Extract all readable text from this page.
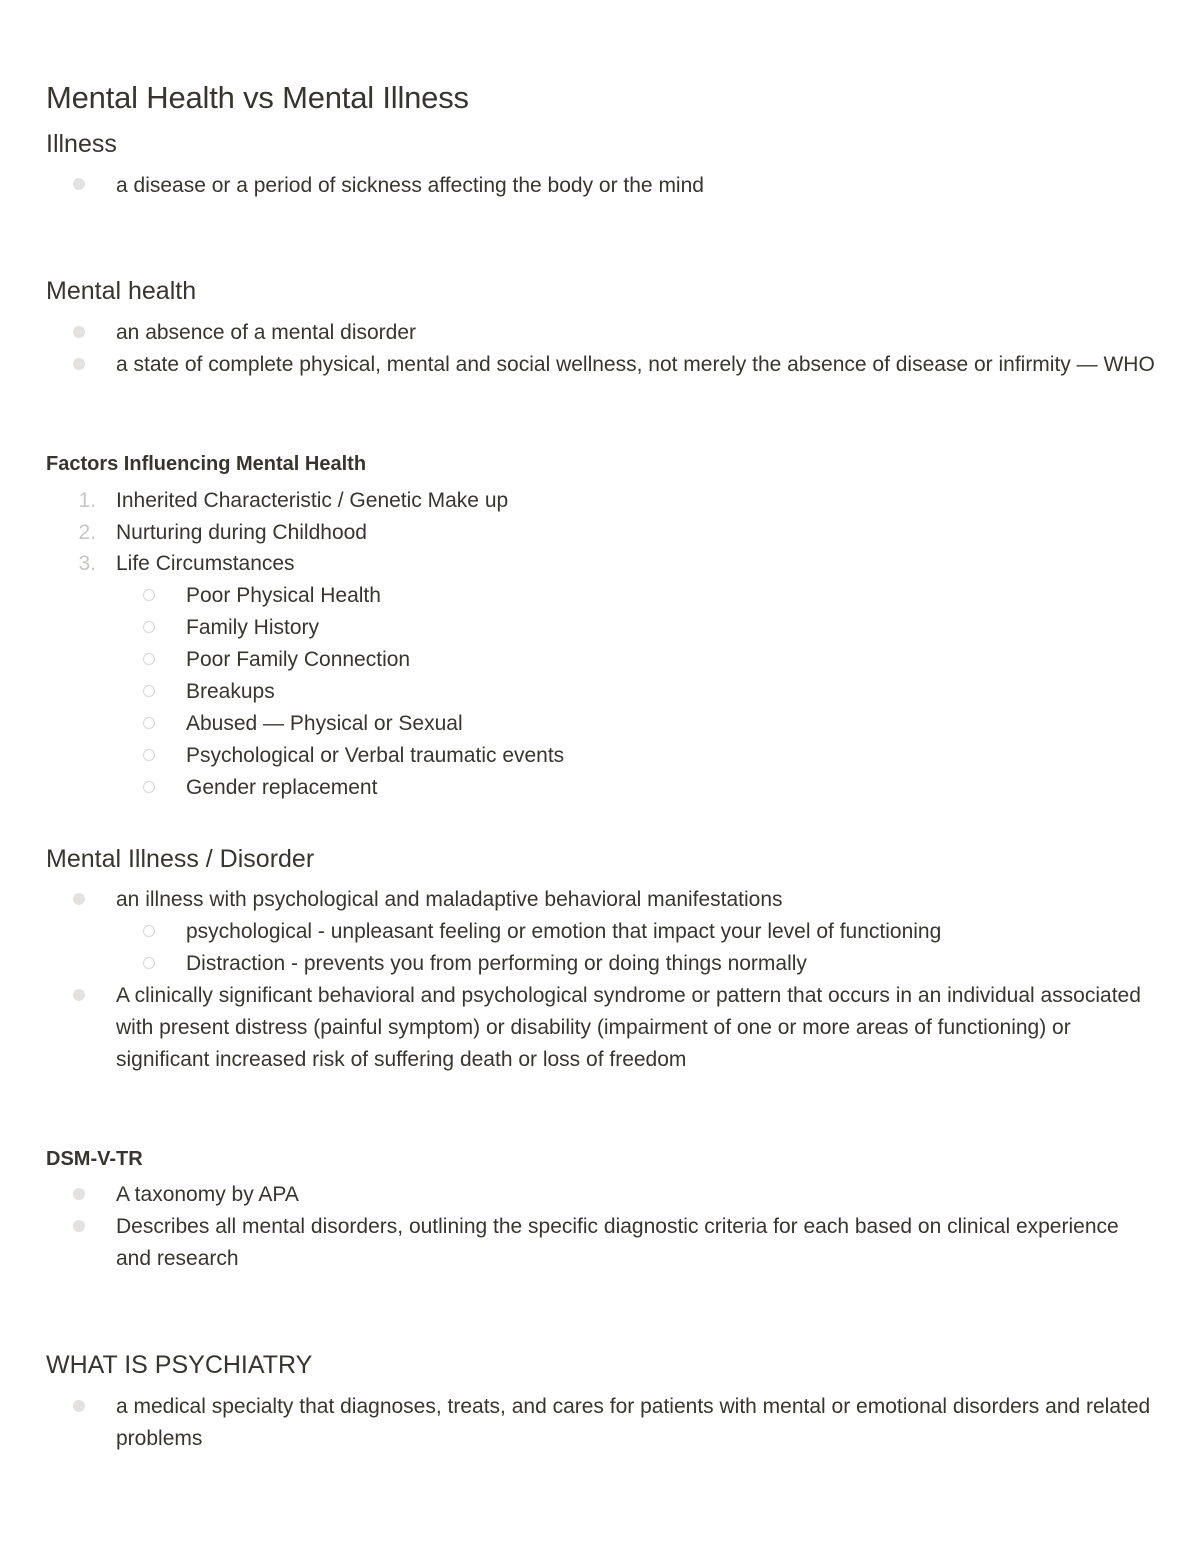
Mental Health vs Mental Illness
Illness
a disease or a period of sickness affecting the body or the mind
Mental health
an absence of a mental disorder
a state of complete physical, mental and social wellness, not merely the absence of disease or infirmity — WHO
Factors Influencing Mental Health
1. Inherited Characteristic / Genetic Make up
2. Nurturing during Childhood
3. Life Circumstances
Poor Physical Health
Family History
Poor Family Connection
Breakups
Abused — Physical or Sexual
Psychological or Verbal traumatic events
Gender replacement
Mental Illness / Disorder
an illness with psychological and maladaptive behavioral manifestations
psychological - unpleasant feeling or emotion that impact your level of functioning
Distraction - prevents you from performing or doing things normally
A clinically significant behavioral and psychological syndrome or pattern that occurs in an individual associated with present distress (painful symptom) or disability (impairment of one or more areas of functioning) or significant increased risk of suffering death or loss of freedom
DSM-V-TR
A taxonomy by APA
Describes all mental disorders, outlining the specific diagnostic criteria for each based on clinical experience and research
WHAT IS PSYCHIATRY
a medical specialty that diagnoses, treats, and cares for patients with mental or emotional disorders and related problems
